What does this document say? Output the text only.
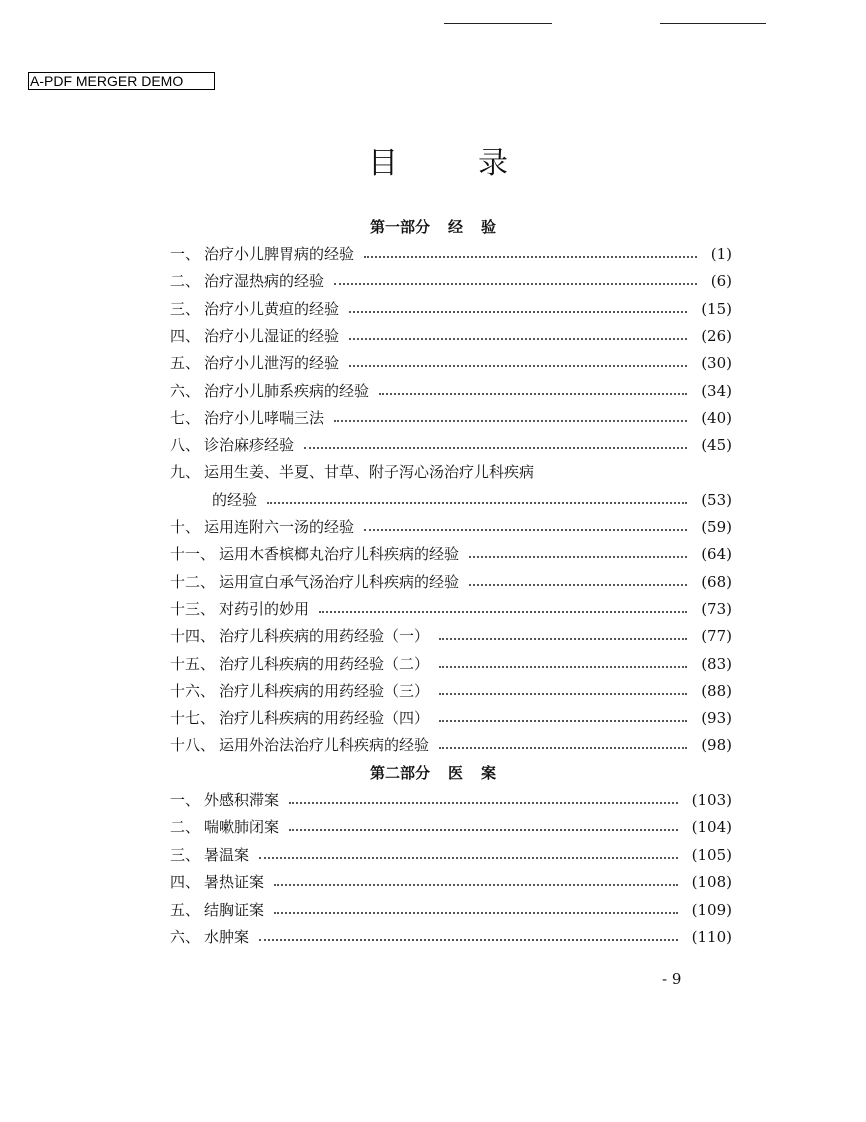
A-PDF MERGER DEMO
目	录
第一部分 经 验
一、 治疗小儿脾胃病的经验	(1)
二、 治疗湿热病的经验	(6)
三、 治疗小儿黄疸的经验	(15)
四、 治疗小儿湿证的经验	(26)
五、 治疗小儿泄泻的经验	(30)
六、 治疗小儿肺系疾病的经验	(34)
七、 治疗小儿哮喘三法	(40)
八、 诊治麻疹经验	(45)
九、 运用生姜、半夏、甘草、附子泻心汤治疗儿科疾病
的经验	(53)
十、 运用连附六一汤的经验	(59)
十一、 运用木香槟榔丸治疗儿科疾病的经验	(64)
十二、 运用宣白承气汤治疗儿科疾病的经验	(68)
十三、 对药引的妙用	(73)
十四、 治疗儿科疾病的用药经验（一）	(77)
十五、 治疗儿科疾病的用药经验（二）	(83)
十六、 治疗儿科疾病的用药经验（三）	(88)
十七、 治疗儿科疾病的用药经验（四）	(93)
十八、 运用外治法治疗儿科疾病的经验	(98)
第二部分 医 案
一、 外感积滞案	(103)
二、 喘嗽肺闭案	(104)
三、 暑温案	(105)
四、 暑热证案	(108)
五、 结胸证案	(109)
六、 水肿案	(110)
- 9
